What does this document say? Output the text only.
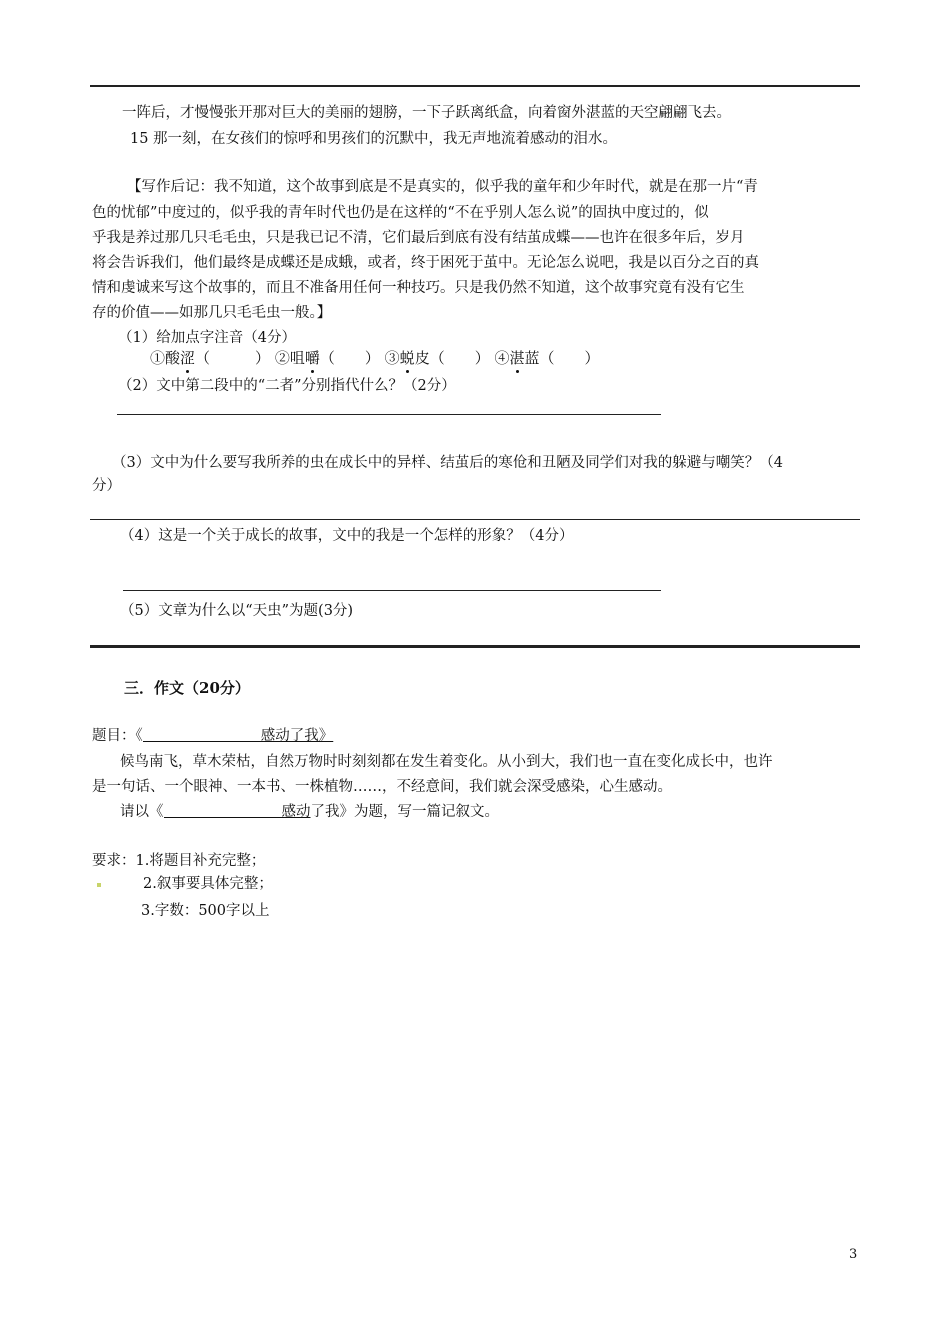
一阵后，才慢慢张开那对巨大的美丽的翅膀，一下子跃离纸盒，向着窗外湛蓝的天空翩翩飞去。
15 那一刻，在女孩们的惊呼和男孩们的沉默中，我无声地流着感动的泪水。
【写作后记：我不知道，这个故事到底是不是真实的，似乎我的童年和少年时代，就是在那一片“青
色的忧郁”中度过的，似乎我的青年时代也仍是在这样的“不在乎别人怎么说”的固执中度过的，似
乎我是养过那几只毛毛虫，只是我已记不清，它们最后到底有没有结茧成蝶——也许在很多年后，岁月
将会告诉我们，他们最终是成蝶还是成蛾，或者，终于困死于茧中。无论怎么说吧，我是以百分之百的真
情和虔诚来写这个故事的，而且不准备用任何一种技巧。只是我仍然不知道，这个故事究竟有没有它生
存的价值——如那几只毛毛虫一般。】
（1）给加点字注音（4分）
①酸涩（　　　） ②咀嚼（　　） ③蜕皮（　　） ④湛蓝（　　）
（2）文中第二段中的“二者”分别指代什么？（2分）
（3）文中为什么要写我所养的虫在成长中的异样、结茧后的寒伧和丑陋及同学们对我的躲避与嘲笑？（4
分）
（4）这是一个关于成长的故事，文中的我是一个怎样的形象？（4分）
（5）文章为什么以“天虫”为题(3分)
三．作文（20分）
题目：《	感动了我》
候鸟南飞，草木荣枯，自然万物时时刻刻都在发生着变化。从小到大，我们也一直在变化成长中，也许
是一句话、一个眼神、一本书、一株植物……，不经意间，我们就会深受感染，心生感动。
请以《	感动了我》为题，写一篇记叙文。
要求：1.将题目补充完整；
2.叙事要具体完整；
3.字数：500字以上
3
